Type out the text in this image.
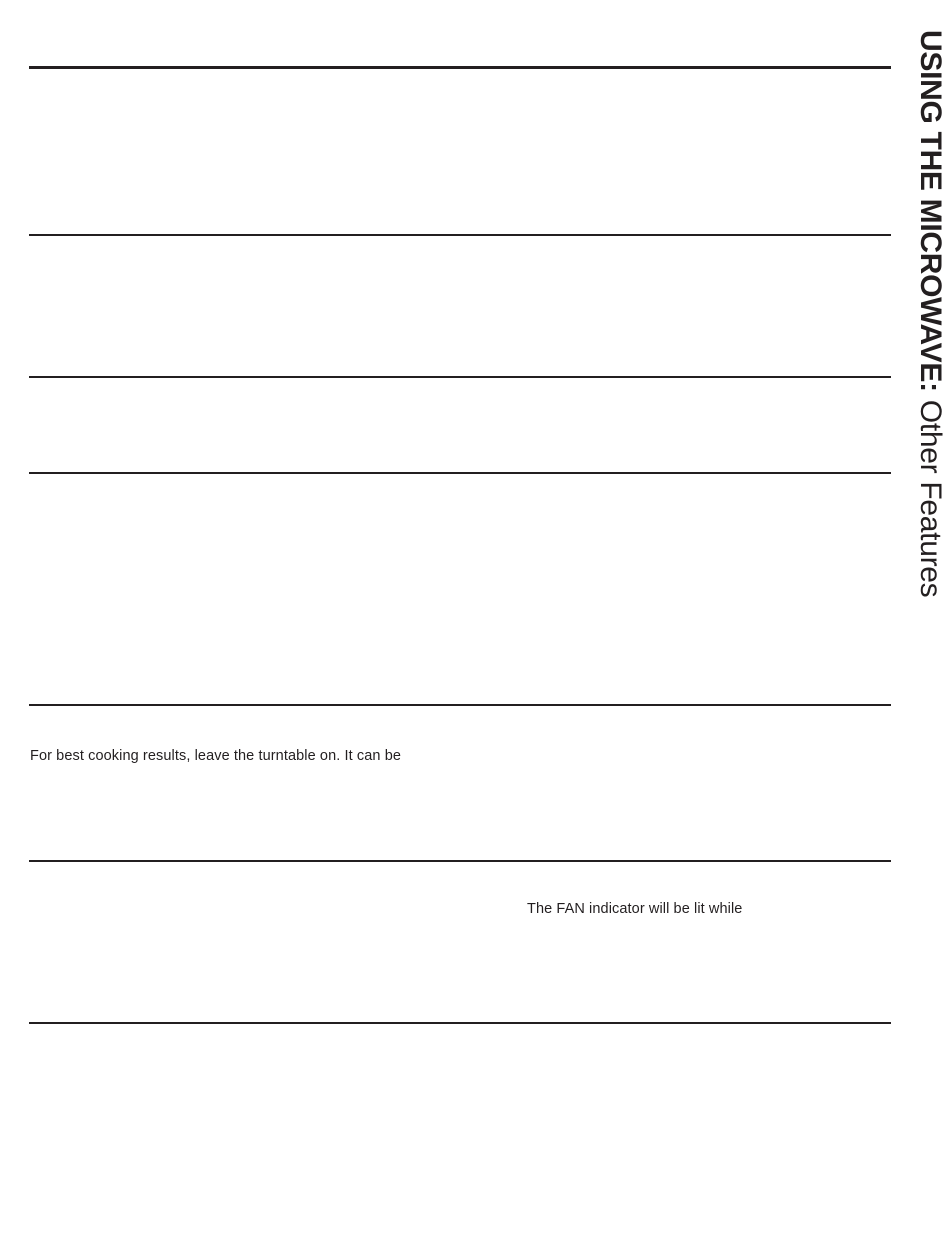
For best cooking results, leave the turntable on. It can be
The FAN indicator will be lit while
USING THE MICROWAVE: Other Features
